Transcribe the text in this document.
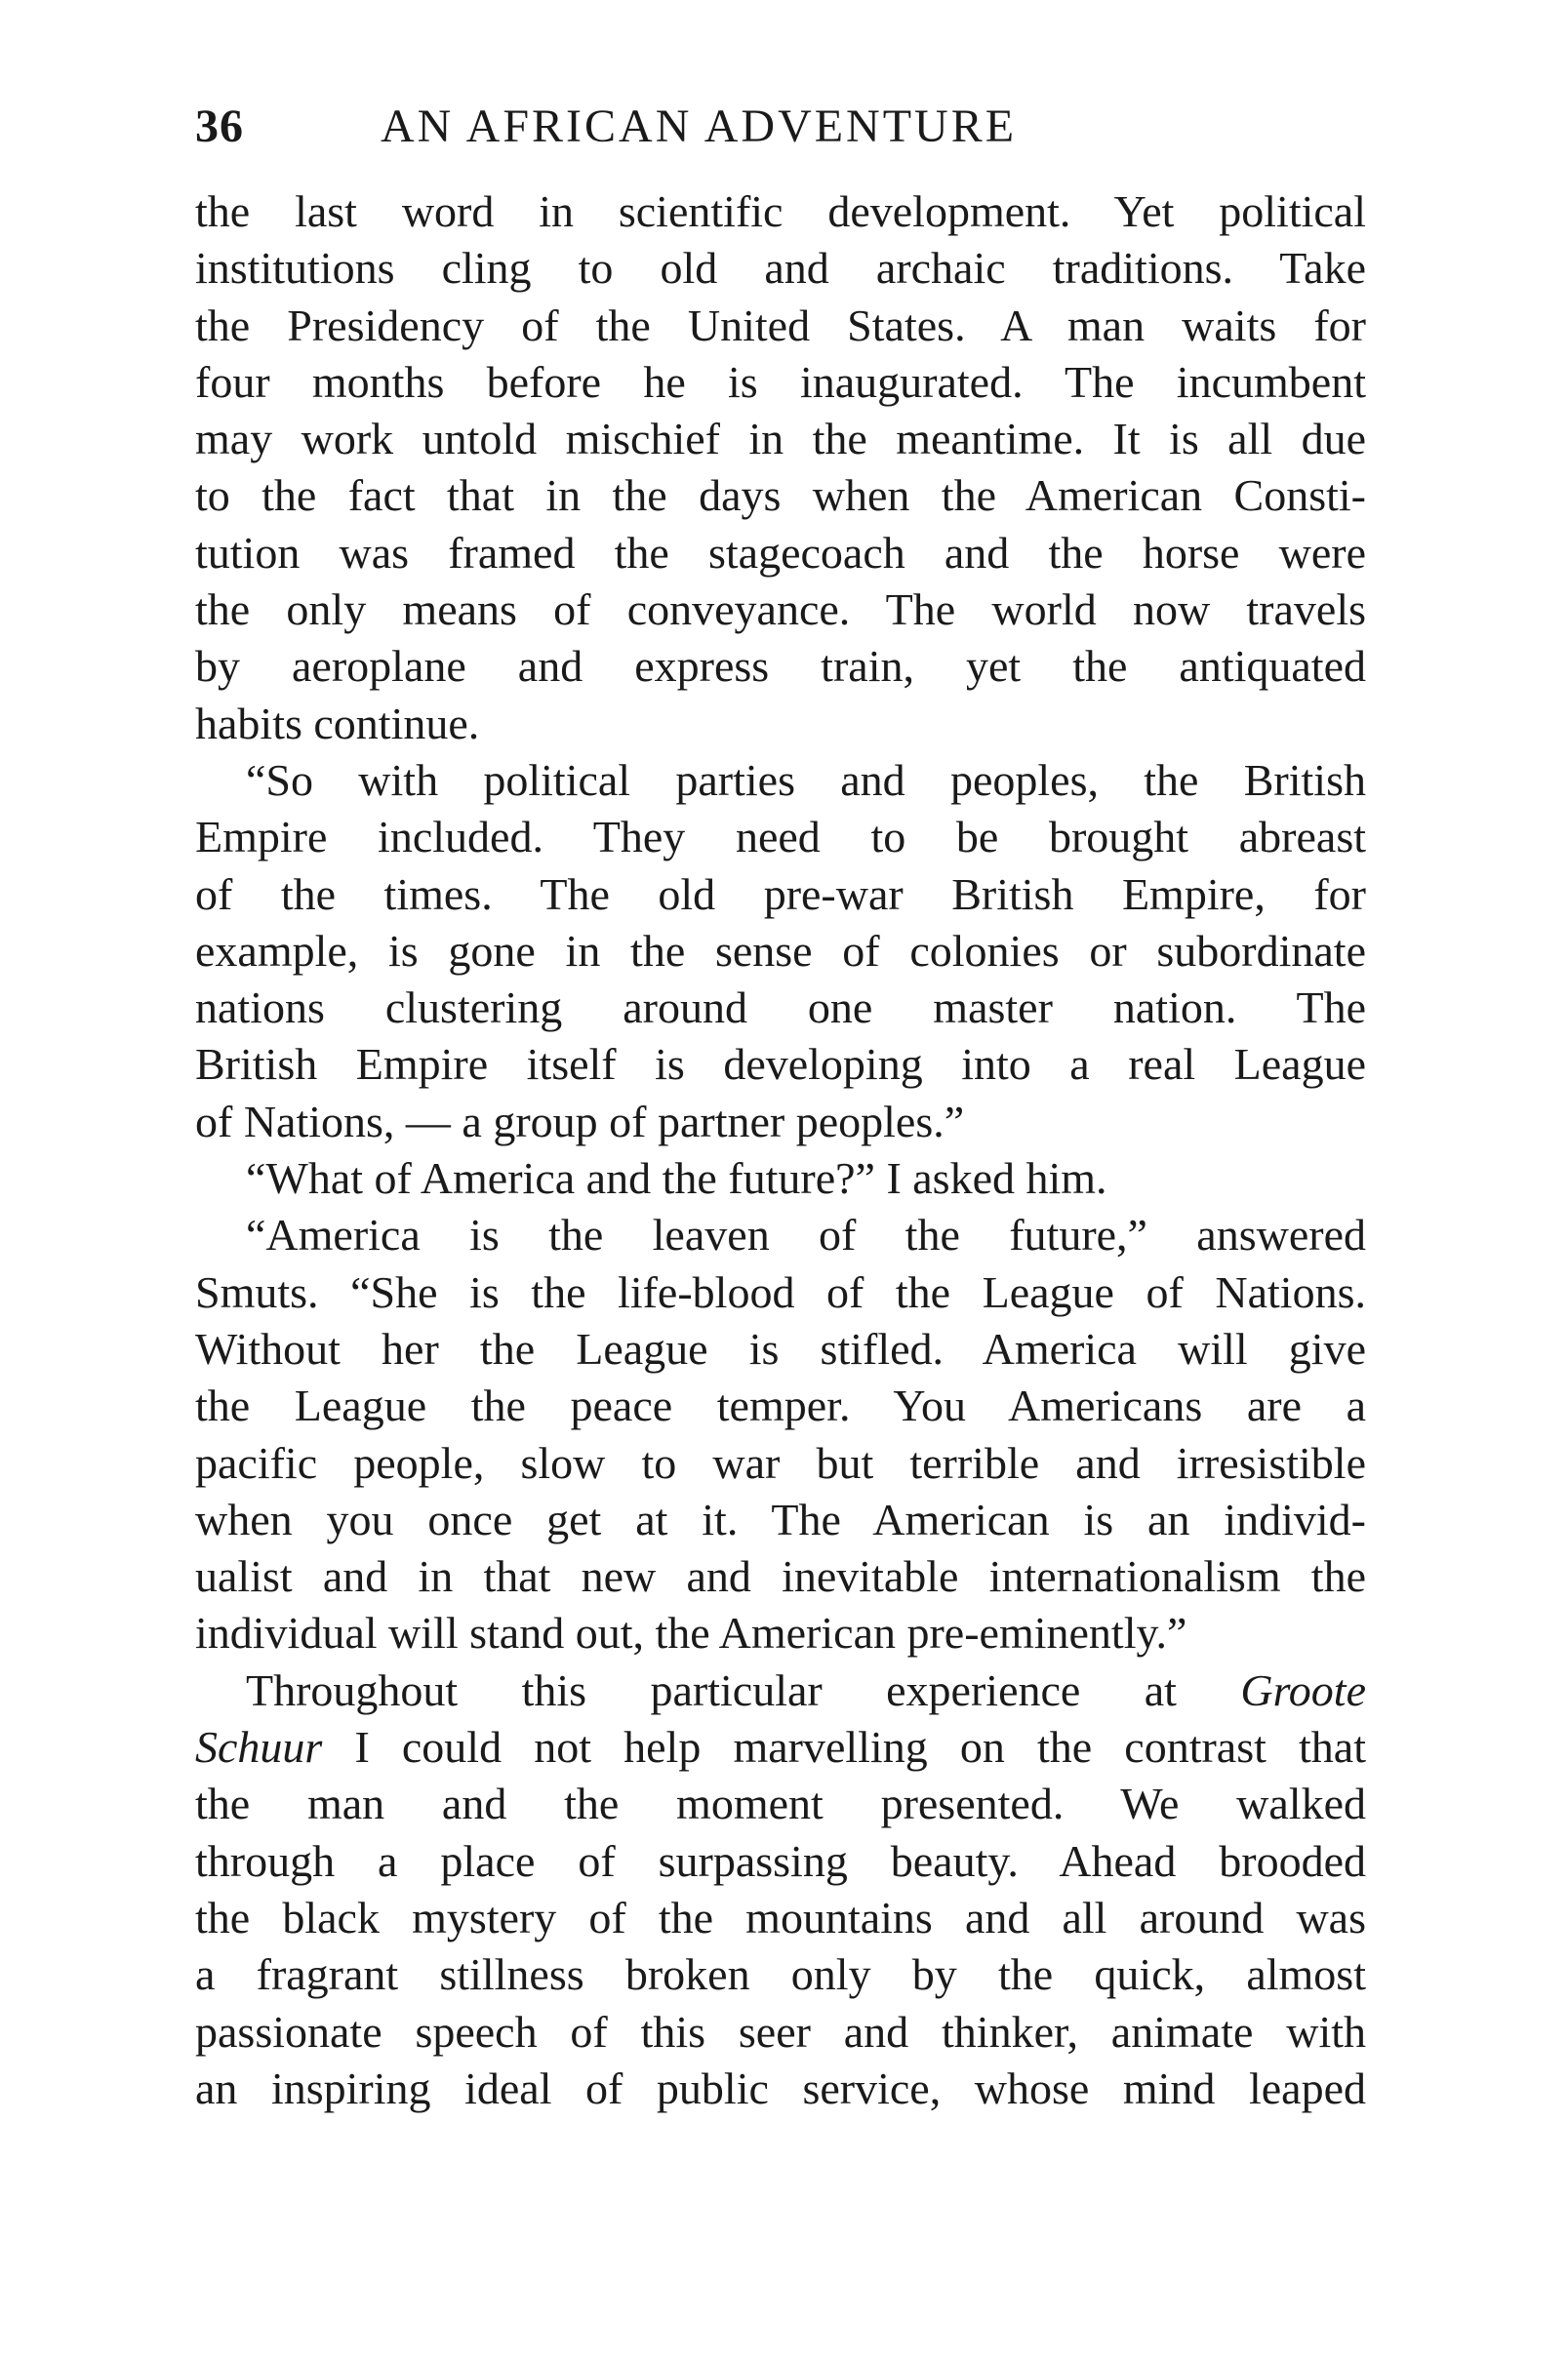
36	AN AFRICAN ADVENTURE
the last word in scientific development. Yet political
institutions cling to old and archaic traditions. Take
the Presidency of the United States. A man waits for
four months before he is inaugurated. The incumbent
may work untold mischief in the meantime. It is all due
to the fact that in the days when the American Consti-
tution was framed the stagecoach and the horse were
the only means of conveyance. The world now travels
by aeroplane and express train, yet the antiquated
habits continue.
“So with political parties and peoples, the British
Empire included. They need to be brought abreast
of the times. The old pre-war British Empire, for
example, is gone in the sense of colonies or subordinate
nations clustering around one master nation. The
British Empire itself is developing into a real League
of Nations, — a group of partner peoples.”
“What of America and the future?” I asked him.
“America is the leaven of the future,” answered
Smuts. “She is the life-blood of the League of Nations.
Without her the League is stifled. America will give
the League the peace temper. You Americans are a
pacific people, slow to war but terrible and irresistible
when you once get at it. The American is an individ-
ualist and in that new and inevitable internationalism the
individual will stand out, the American pre-eminently.”
Throughout this particular experience at Groote
Schuur I could not help marvelling on the contrast that
the man and the moment presented. We walked
through a place of surpassing beauty. Ahead brooded
the black mystery of the mountains and all around was
a fragrant stillness broken only by the quick, almost
passionate speech of this seer and thinker, animate with
an inspiring ideal of public service, whose mind leaped
